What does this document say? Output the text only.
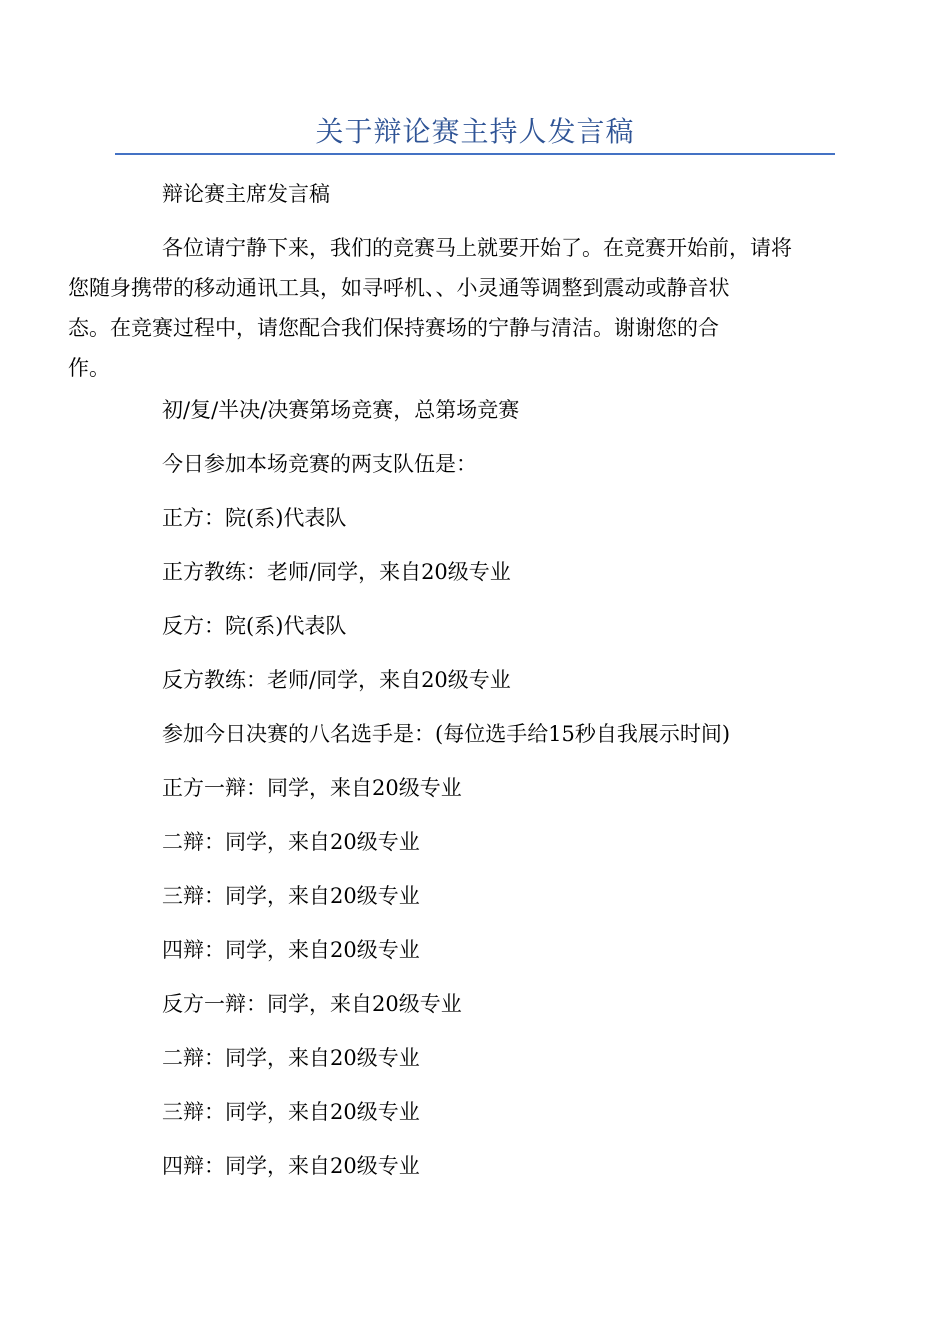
关于辩论赛主持人发言稿

辩论赛主席发言稿

各位请宁静下来，我们的竞赛马上就要开始了。在竞赛开始前，请将
您随身携带的移动通讯工具，如寻呼机、、小灵通等调整到震动或静音状
态。在竞赛过程中，请您配合我们保持赛场的宁静与清洁。谢谢您的合
作。

初/复/半决/决赛第场竞赛，总第场竞赛

今日参加本场竞赛的两支队伍是：

正方：院(系)代表队

正方教练：老师/同学，来自20级专业

反方：院(系)代表队

反方教练：老师/同学，来自20级专业

参加今日决赛的八名选手是：(每位选手给15秒自我展示时间)

正方一辩：同学，来自20级专业

二辩：同学，来自20级专业

三辩：同学，来自20级专业

四辩：同学，来自20级专业

反方一辩：同学，来自20级专业

二辩：同学，来自20级专业

三辩：同学，来自20级专业

四辩：同学，来自20级专业
